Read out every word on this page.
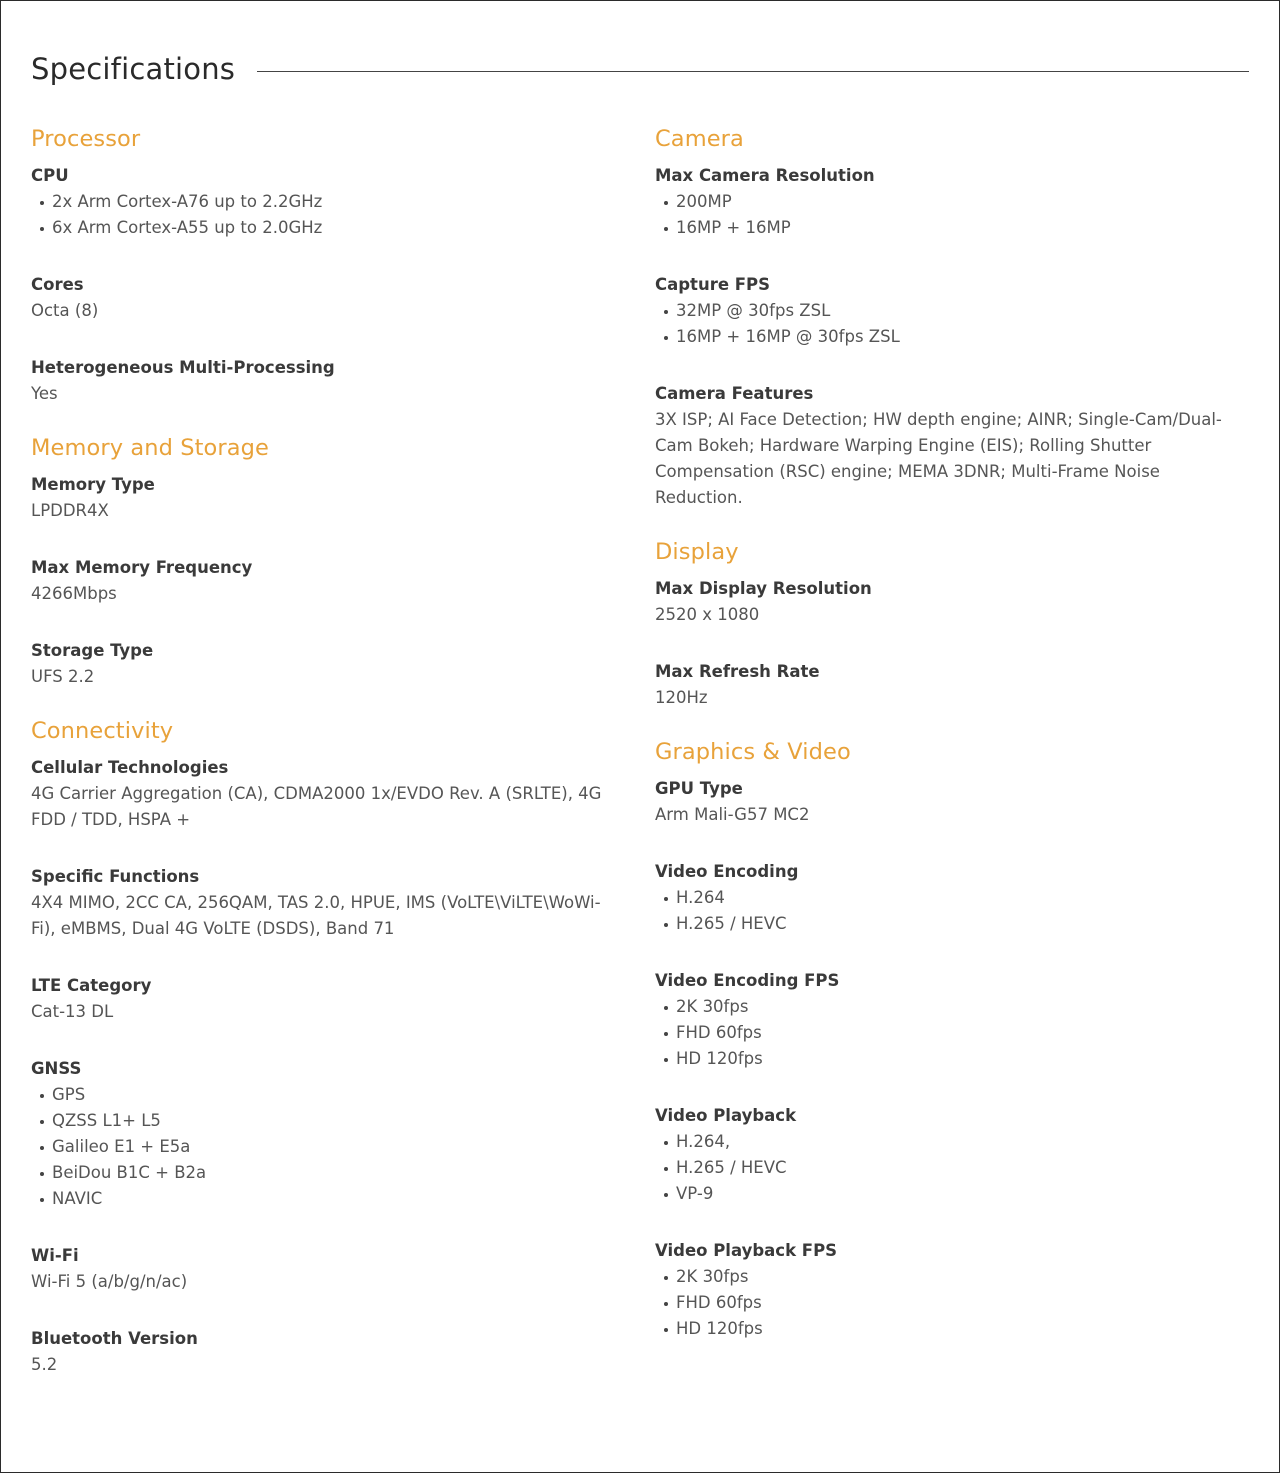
Specifications
Processor
CPU
2x Arm Cortex-A76 up to 2.2GHz
6x Arm Cortex-A55 up to 2.0GHz
Cores
Octa (8)
Heterogeneous Multi-Processing
Yes
Memory and Storage
Memory Type
LPDDR4X
Max Memory Frequency
4266Mbps
Storage Type
UFS 2.2
Connectivity
Cellular Technologies
4G Carrier Aggregation (CA), CDMA2000 1x/EVDO Rev. A (SRLTE), 4G FDD / TDD, HSPA +
Specific Functions
4X4 MIMO, 2CC CA, 256QAM, TAS 2.0, HPUE, IMS (VoLTE\ViLTE\WoWi-Fi), eMBMS, Dual 4G VoLTE (DSDS), Band 71
LTE Category
Cat-13 DL
GNSS
GPS
QZSS L1+ L5
Galileo E1 + E5a
BeiDou B1C + B2a
NAVIC
Wi-Fi
Wi-Fi 5 (a/b/g/n/ac)
Bluetooth Version
5.2
Camera
Max Camera Resolution
200MP
16MP + 16MP
Capture FPS
32MP @ 30fps ZSL
16MP + 16MP @ 30fps ZSL
Camera Features
3X ISP; AI Face Detection; HW depth engine; AINR; Single-Cam/Dual-Cam Bokeh; Hardware Warping Engine (EIS); Rolling Shutter Compensation (RSC) engine; MEMA 3DNR; Multi-Frame Noise Reduction.
Display
Max Display Resolution
2520 x 1080
Max Refresh Rate
120Hz
Graphics & Video
GPU Type
Arm Mali-G57 MC2
Video Encoding
H.264
H.265 / HEVC
Video Encoding FPS
2K 30fps
FHD 60fps
HD 120fps
Video Playback
H.264,
H.265 / HEVC
VP-9
Video Playback FPS
2K 30fps
FHD 60fps
HD 120fps
